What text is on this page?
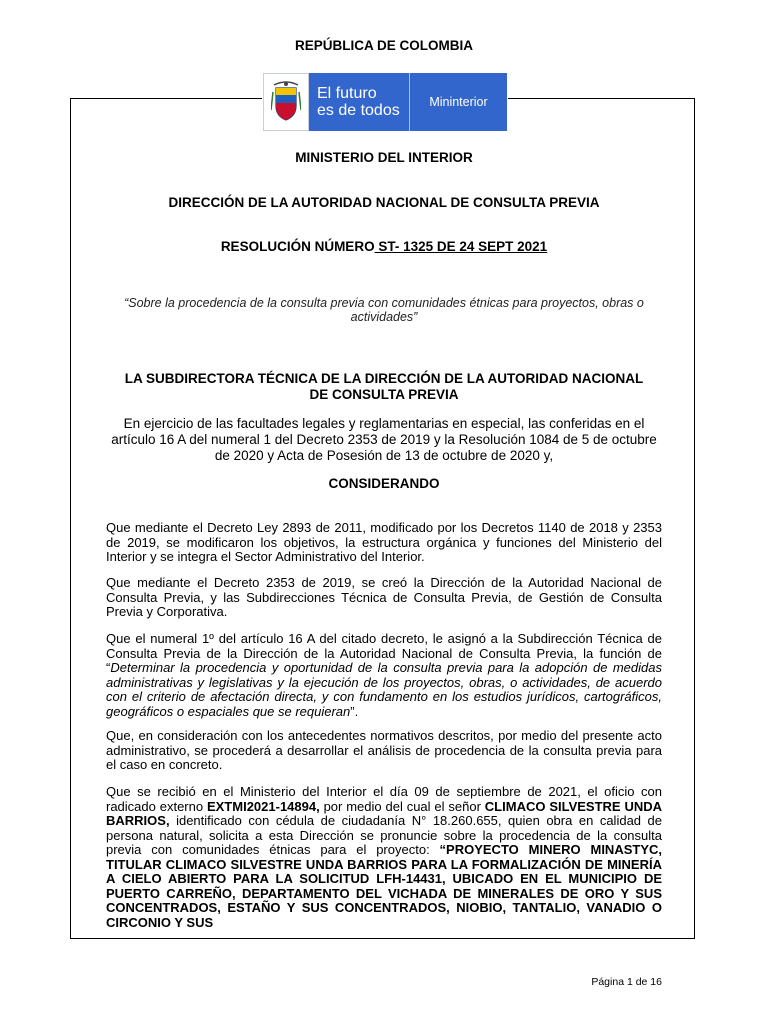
REPÚBLICA DE COLOMBIA
El futuro
es de todos	Mininterior
MINISTERIO DEL INTERIOR
DIRECCIÓN DE LA AUTORIDAD NACIONAL DE CONSULTA PREVIA
RESOLUCIÓN NÚMERO ST- 1325 DE 24 SEPT 2021
“Sobre la procedencia de la consulta previa con comunidades étnicas para proyectos, obras o actividades”
LA SUBDIRECTORA TÉCNICA DE LA DIRECCIÓN DE LA AUTORIDAD NACIONAL DE CONSULTA PREVIA
En ejercicio de las facultades legales y reglamentarias en especial, las conferidas en el artículo 16 A del numeral 1 del Decreto 2353 de 2019 y la Resolución 1084 de 5 de octubre de 2020 y Acta de Posesión de 13 de octubre de 2020 y,
CONSIDERANDO
Que mediante el Decreto Ley 2893 de 2011, modificado por los Decretos 1140 de 2018 y 2353 de 2019, se modificaron los objetivos, la estructura orgánica y funciones del Ministerio del Interior y se integra el Sector Administrativo del Interior.
Que mediante el Decreto 2353 de 2019, se creó la Dirección de la Autoridad Nacional de Consulta Previa, y las Subdirecciones Técnica de Consulta Previa, de Gestión de Consulta Previa y Corporativa.
Que el numeral 1º del artículo 16 A del citado decreto, le asignó a la Subdirección Técnica de Consulta Previa de la Dirección de la Autoridad Nacional de Consulta Previa, la función de “Determinar la procedencia y oportunidad de la consulta previa para la adopción de medidas administrativas y legislativas y la ejecución de los proyectos, obras, o actividades, de acuerdo con el criterio de afectación directa, y con fundamento en los estudios jurídicos, cartográficos, geográficos o espaciales que se requieran”.
Que, en consideración con los antecedentes normativos descritos, por medio del presente acto administrativo, se procederá a desarrollar el análisis de procedencia de la consulta previa para el caso en concreto.
Que se recibió en el Ministerio del Interior el día 09 de septiembre de 2021, el oficio con radicado externo EXTMI2021-14894, por medio del cual el señor CLIMACO SILVESTRE UNDA BARRIOS, identificado con cédula de ciudadanía N° 18.260.655, quien obra en calidad de persona natural, solicita a esta Dirección se pronuncie sobre la procedencia de la consulta previa con comunidades étnicas para el proyecto: “PROYECTO MINERO MINASTYC, TITULAR CLIMACO SILVESTRE UNDA BARRIOS PARA LA FORMALIZACIÓN DE MINERÍA A CIELO ABIERTO PARA LA SOLICITUD LFH-14431, UBICADO EN EL MUNICIPIO DE PUERTO CARREÑO, DEPARTAMENTO DEL VICHADA DE MINERALES DE ORO Y SUS CONCENTRADOS, ESTAÑO Y SUS CONCENTRADOS, NIOBIO, TANTALIO, VANADIO O CIRCONIO Y SUS
Página 1 de 16
